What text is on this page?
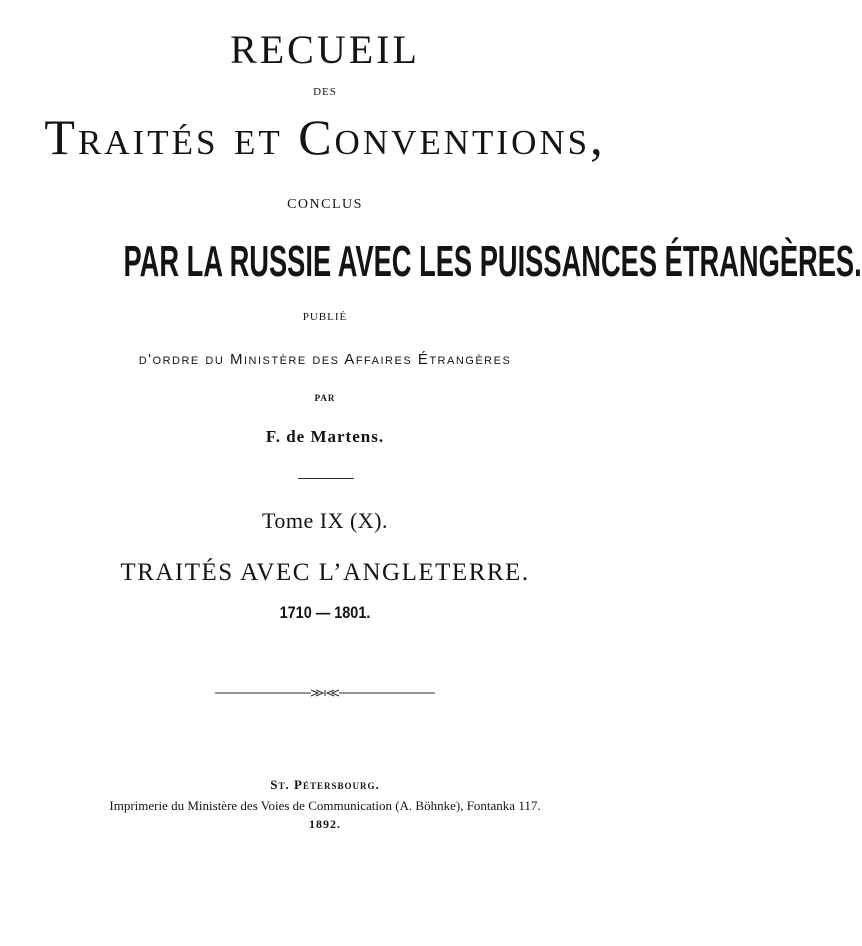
RECUEIL
DES
Traités et Conventions,
CONCLUS
PAR LA RUSSIE AVEC LES PUISSANCES ÉTRANGÈRES.
PUBLIÉ
d'ordre du Ministère des Affaires Étrangères
PAR
F. de Martens.
Tome IX (X).
TRAITÉS AVEC L’ANGLETERRE.
1710 — 1801.
St. Pétersbourg.
Imprimerie du Ministère des Voies de Communication (A. Böhnke), Fontanka 117.
1892.
